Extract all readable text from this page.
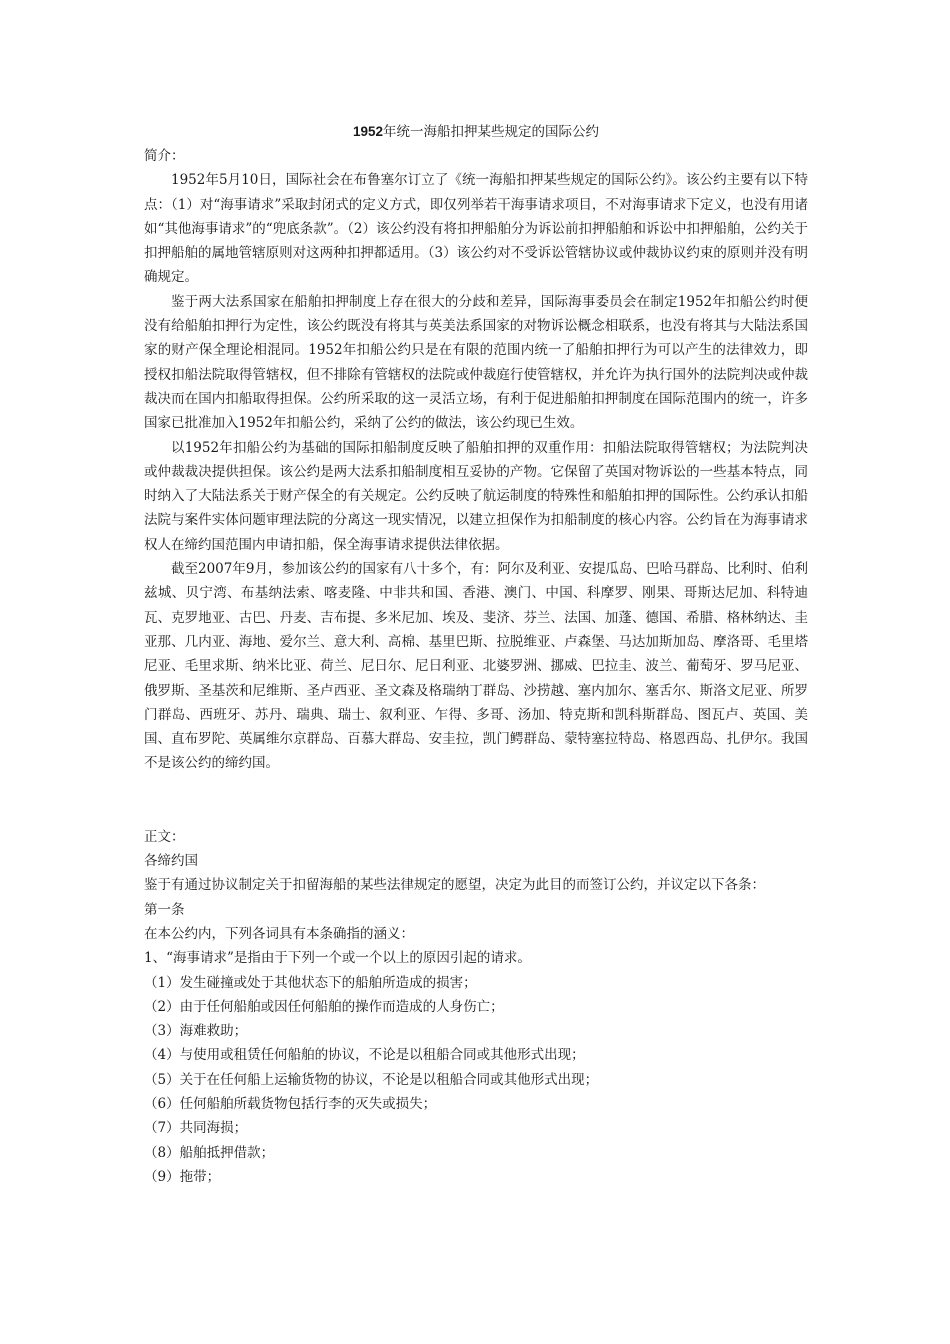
1952年统一海船扣押某些规定的国际公约

简介：

1952年5月10日，国际社会在布鲁塞尔订立了《统一海船扣押某些规定的国际公约》。该公约主要有以下特点：（1）对“海事请求”采取封闭式的定义方式，即仅列举若干海事请求项目，不对海事请求下定义，也没有用诸如“其他海事请求”的“兜底条款”。（2）该公约没有将扣押船舶分为诉讼前扣押船舶和诉讼中扣押船舶，公约关于扣押船舶的属地管辖原则对这两种扣押都适用。（3）该公约对不受诉讼管辖协议或仲裁协议约束的原则并没有明确规定。

鉴于两大法系国家在船舶扣押制度上存在很大的分歧和差异，国际海事委员会在制定1952年扣船公约时便没有给船舶扣押行为定性，该公约既没有将其与英美法系国家的对物诉讼概念相联系，也没有将其与大陆法系国家的财产保全理论相混同。1952年扣船公约只是在有限的范围内统一了船舶扣押行为可以产生的法律效力，即授权扣船法院取得管辖权，但不排除有管辖权的法院或仲裁庭行使管辖权，并允许为执行国外的法院判决或仲裁裁决而在国内扣船取得担保。公约所采取的这一灵活立场，有利于促进船舶扣押制度在国际范围内的统一，许多国家已批准加入1952年扣船公约，采纳了公约的做法，该公约现已生效。

以1952年扣船公约为基础的国际扣船制度反映了船舶扣押的双重作用：扣船法院取得管辖权；为法院判决或仲裁裁决提供担保。该公约是两大法系扣船制度相互妥协的产物。它保留了英国对物诉讼的一些基本特点，同时纳入了大陆法系关于财产保全的有关规定。公约反映了航运制度的特殊性和船舶扣押的国际性。公约承认扣船法院与案件实体问题审理法院的分离这一现实情况，以建立担保作为扣船制度的核心内容。公约旨在为海事请求权人在缔约国范围内申请扣船，保全海事请求提供法律依据。

截至2007年9月，参加该公约的国家有八十多个，有：阿尔及利亚、安提瓜岛、巴哈马群岛、比利时、伯利兹城、贝宁湾、布基纳法索、喀麦隆、中非共和国、香港、澳门、中国、科摩罗、刚果、哥斯达尼加、科特迪瓦、克罗地亚、古巴、丹麦、吉布提、多米尼加、埃及、斐济、芬兰、法国、加蓬、德国、希腊、格林纳达、圭亚那、几内亚、海地、爱尔兰、意大利、高棉、基里巴斯、拉脱维亚、卢森堡、马达加斯加岛、摩洛哥、毛里塔尼亚、毛里求斯、纳米比亚、荷兰、尼日尔、尼日利亚、北婆罗洲、挪威、巴拉圭、波兰、葡萄牙、罗马尼亚、俄罗斯、圣基茨和尼维斯、圣卢西亚、圣文森及格瑞纳丁群岛、沙捞越、塞内加尔、塞舌尔、斯洛文尼亚、所罗门群岛、西班牙、苏丹、瑞典、瑞士、叙利亚、乍得、多哥、汤加、特克斯和凯科斯群岛、图瓦卢、英国、美国、直布罗陀、英属维尔京群岛、百慕大群岛、安圭拉，凯门鳄群岛、蒙特塞拉特岛、格恩西岛、扎伊尔。我国不是该公约的缔约国。

正文：

各缔约国

鉴于有通过协议制定关于扣留海船的某些法律规定的愿望，决定为此目的而签订公约，并议定以下各条：

第一条

在本公约内，下列各词具有本条确指的涵义：

1、“海事请求”是指由于下列一个或一个以上的原因引起的请求。

（1）发生碰撞或处于其他状态下的船舶所造成的损害；

（2）由于任何船舶或因任何船舶的操作而造成的人身伤亡；

（3）海难救助；

（4）与使用或租赁任何船舶的协议，不论是以租船合同或其他形式出现；

（5）关于在任何船上运输货物的协议，不论是以租船合同或其他形式出现；

（6）任何船舶所载货物包括行李的灭失或损失；

（7）共同海损；

（8）船舶抵押借款；

（9）拖带；
